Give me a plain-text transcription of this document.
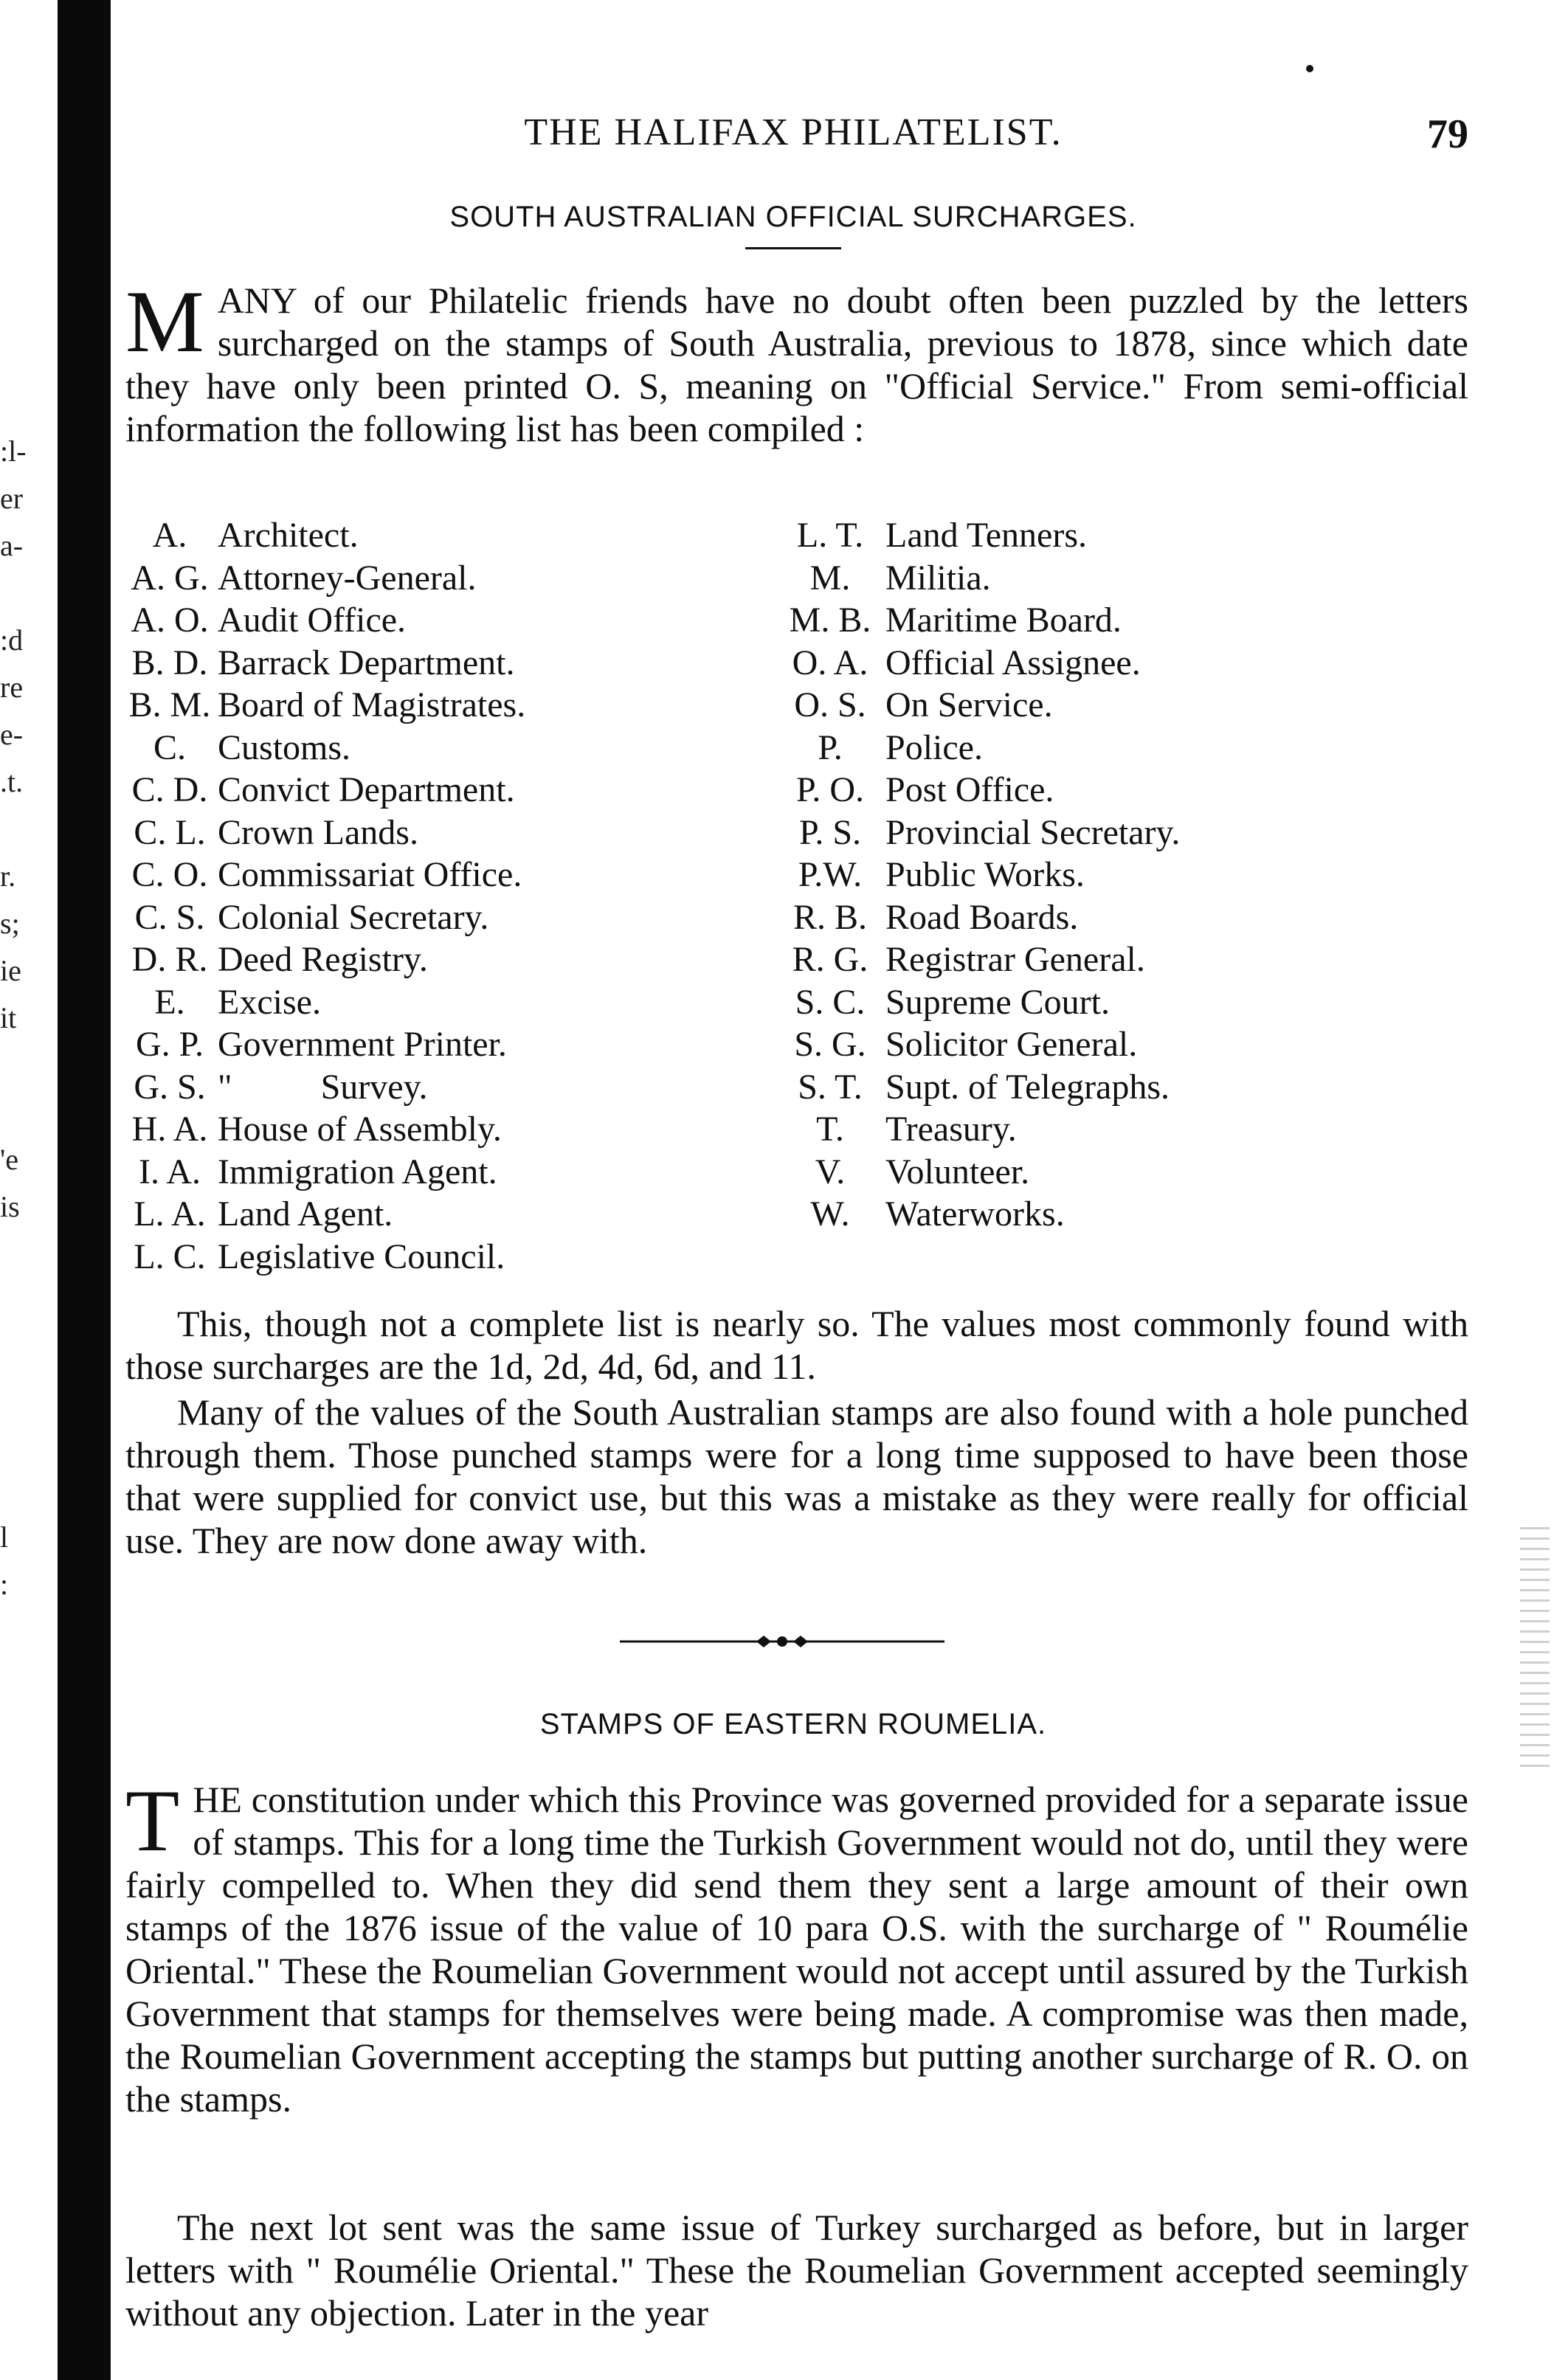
:l-
er
a-
:d
re
e-
.t.
r.
s;
ie
it
'e
is
l
:
THE HALIFAX PHILATELIST.	79
SOUTH AUSTRALIAN OFFICIAL SURCHARGES.

MANY of our Philatelic friends have no doubt often been puzzled by the letters surcharged on the stamps of South Australia, previous to 1878, since which date they have only been printed O. S, meaning on "Official Service." From semi-official information the following list has been compiled :

A. Architect.
A. G. Attorney-General.
A. O. Audit Office.
B. D. Barrack Department.
B. M. Board of Magistrates.
C. Customs.
C. D. Convict Department.
C. L. Crown Lands.
C. O. Commissariat Office.
C. S. Colonial Secretary.
D. R. Deed Registry.
E. Excise.
G. P. Government Printer.
G. S. "          Survey.
H. A. House of Assembly.
I. A. Immigration Agent.
L. A. Land Agent.
L. C. Legislative Council.
L. T. Land Tenners.
M. Militia.
M. B. Maritime Board.
O. A. Official Assignee.
O. S. On Service.
P.	Police.
P. O. Post Office.
P. S. Provincial Secretary.
P.W. Public Works.
R. B. Road Boards.
R. G. Registrar General.
S. C. Supreme Court.
S. G. Solicitor General.
S. T. Supt. of Telegraphs.
T.	Treasury.
V.	Volunteer.
W.	Waterworks.

This, though not a complete list is nearly so. The values most commonly found with those surcharges are the 1d, 2d, 4d, 6d, and 11.

Many of the values of the South Australian stamps are also found with a hole punched through them. Those punched stamps were for a long time supposed to have been those that were supplied for convict use, but this was a mistake as they were really for official use. They are now done away with.

STAMPS OF EASTERN ROUMELIA.

THE constitution under which this Province was governed provided for a separate issue of stamps. This for a long time the Turkish Government would not do, until they were fairly compelled to. When they did send them they sent a large amount of their own stamps of the 1876 issue of the value of 10 para O.S. with the surcharge of " Roumélie Oriental." These the Roumelian Government would not accept until assured by the Turkish Government that stamps for themselves were being made. A compromise was then made, the Roumelian Government accepting the stamps but putting another surcharge of R. O. on the stamps.

The next lot sent was the same issue of Turkey surcharged as before, but in larger letters with " Roumélie Oriental." These the Roumelian Government accepted seemingly without any objection. Later in the year
